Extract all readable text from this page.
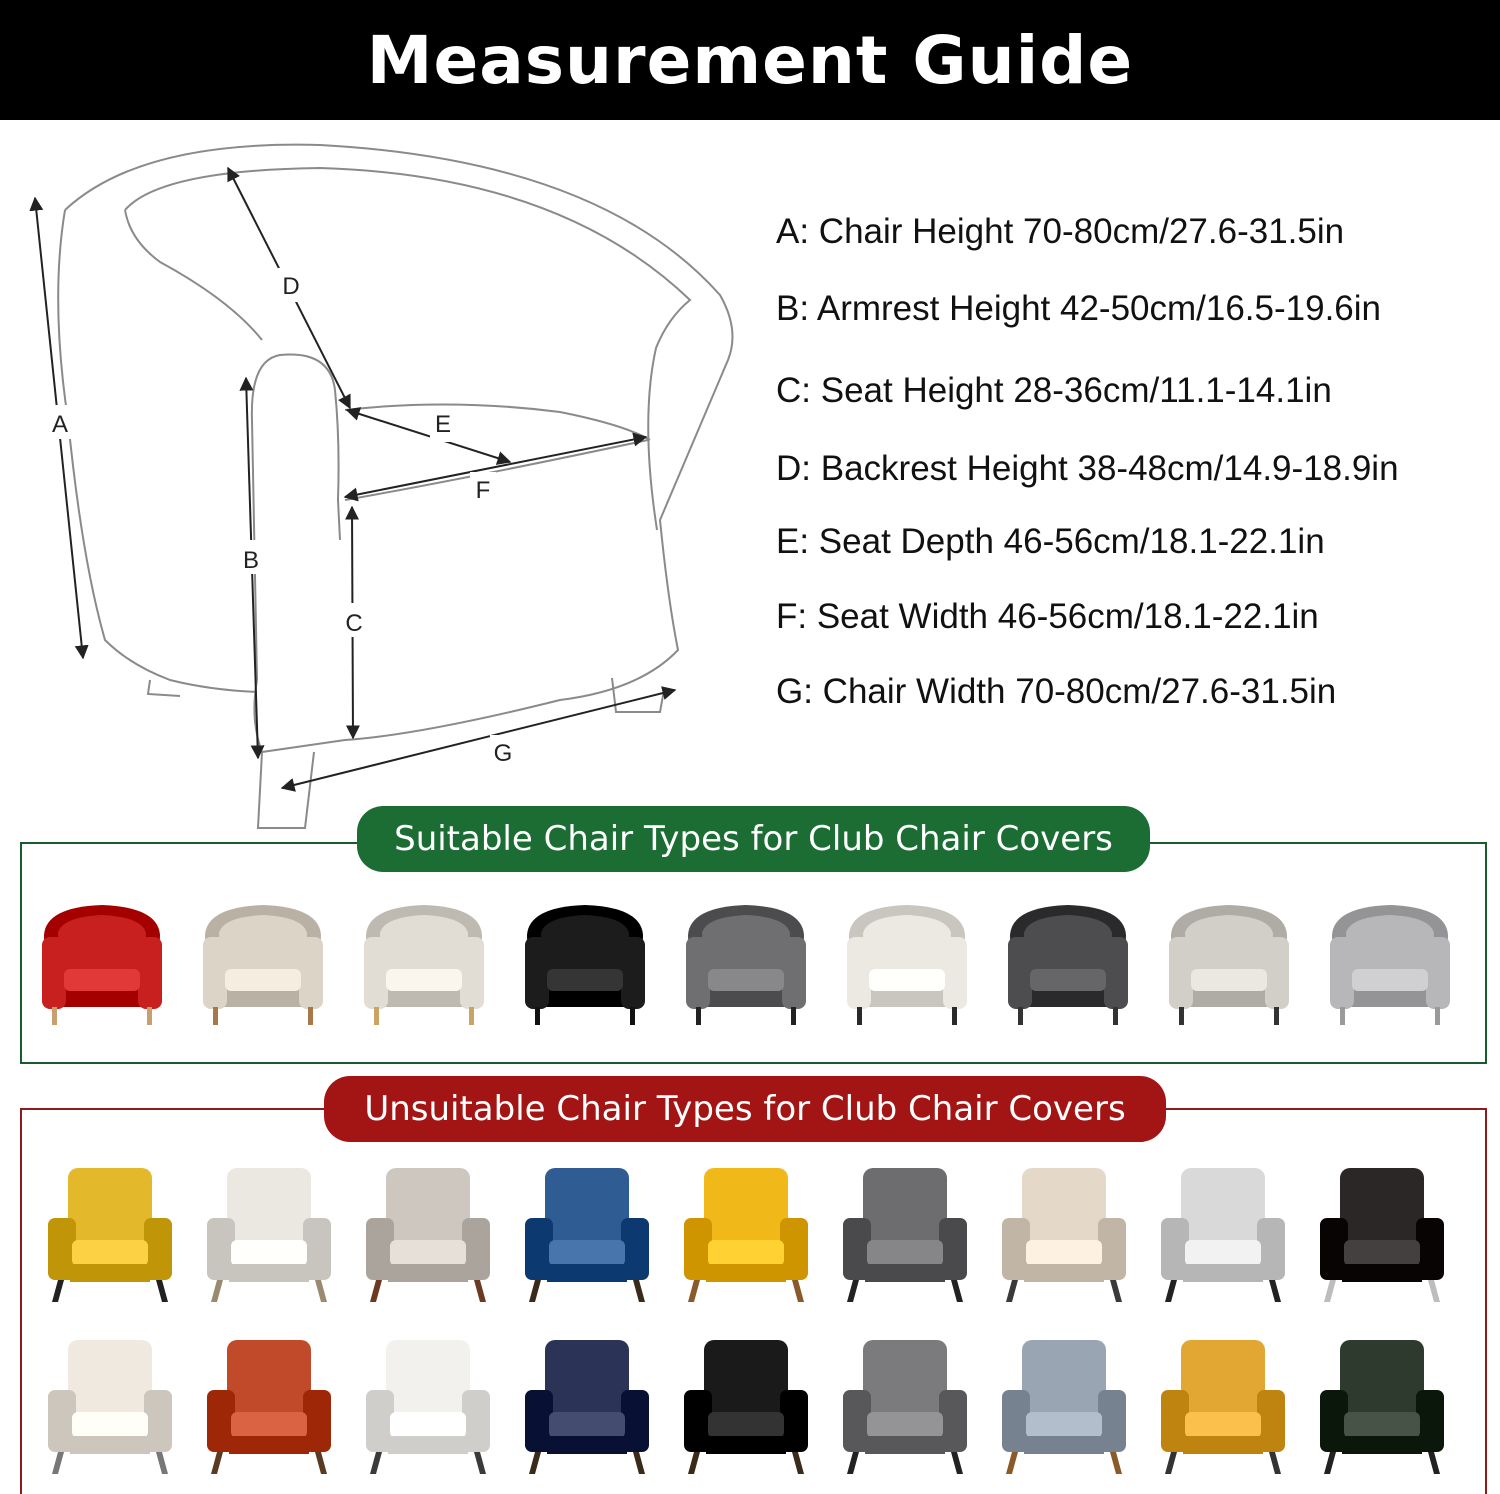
Measurement Guide
A
B
C
D
E
F
G
A: Chair Height 70-80cm/27.6-31.5in
B: Armrest Height 42-50cm/16.5-19.6in
C: Seat Height 28-36cm/11.1-14.1in
D: Backrest Height 38-48cm/14.9-18.9in
E: Seat Depth 46-56cm/18.1-22.1in
F: Seat Width 46-56cm/18.1-22.1in
G: Chair Width 70-80cm/27.6-31.5in
Suitable Chair Types for Club Chair Covers
Unsuitable Chair Types for Club Chair Covers
